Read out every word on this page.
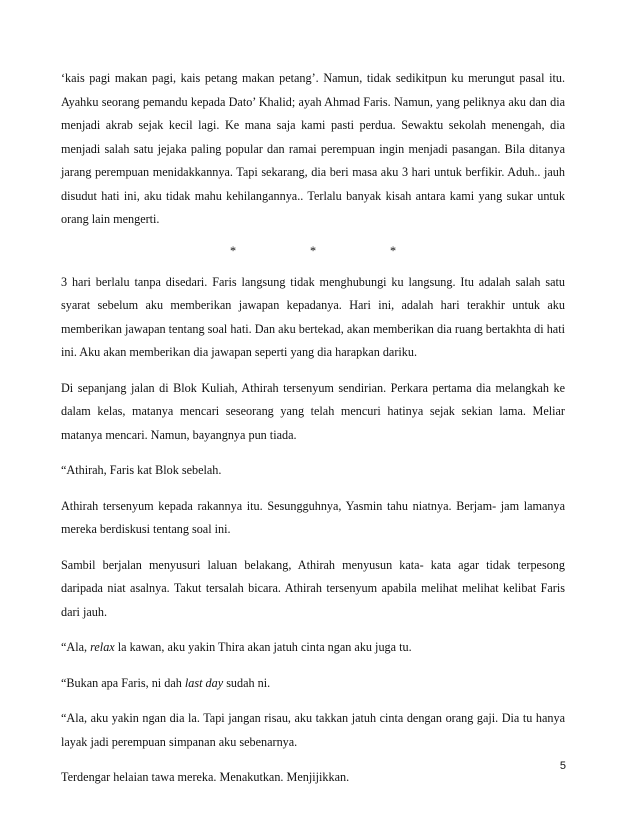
‘kais pagi makan pagi, kais petang makan petang’. Namun, tidak sedikitpun ku merungut pasal itu. Ayahku seorang pemandu kepada Dato’ Khalid; ayah Ahmad Faris. Namun, yang peliknya aku dan dia menjadi akrab sejak kecil lagi. Ke mana saja kami pasti perdua. Sewaktu sekolah menengah, dia menjadi salah satu jejaka paling popular dan ramai perempuan ingin menjadi pasangan. Bila ditanya jarang perempuan menidakkannya. Tapi sekarang, dia beri masa aku 3 hari untuk berfikir. Aduh.. jauh disudut hati ini, aku tidak mahu kehilangannya.. Terlalu banyak kisah antara kami yang sukar untuk orang lain mengerti.

*	*	*

3 hari berlalu tanpa disedari. Faris langsung tidak menghubungi ku langsung. Itu adalah salah satu syarat sebelum aku memberikan jawapan kepadanya. Hari ini, adalah hari terakhir untuk aku memberikan jawapan tentang soal hati. Dan aku bertekad, akan memberikan dia ruang bertakhta di hati ini. Aku akan memberikan dia jawapan seperti yang dia harapkan dariku.

Di sepanjang jalan di Blok Kuliah, Athirah tersenyum sendirian. Perkara pertama dia melangkah ke dalam kelas, matanya mencari seseorang yang telah mencuri hatinya sejak sekian lama. Meliar matanya mencari. Namun, bayangnya pun tiada.

“Athirah, Faris kat Blok sebelah.

Athirah tersenyum kepada rakannya itu. Sesungguhnya, Yasmin tahu niatnya. Berjam- jam lamanya mereka berdiskusi tentang soal ini.

Sambil berjalan menyusuri laluan belakang, Athirah menyusun kata- kata agar tidak terpesong daripada niat asalnya. Takut tersalah bicara. Athirah tersenyum apabila melihat melihat kelibat Faris dari jauh.

“Ala, relax la kawan, aku yakin Thira akan jatuh cinta ngan aku juga tu.

“Bukan apa Faris, ni dah last day sudah ni.

“Ala, aku yakin ngan dia la. Tapi jangan risau, aku takkan jatuh cinta dengan orang gaji. Dia tu hanya layak jadi perempuan simpanan aku sebenarnya.

Terdengar helaian tawa mereka. Menakutkan. Menjijikkan.

5
